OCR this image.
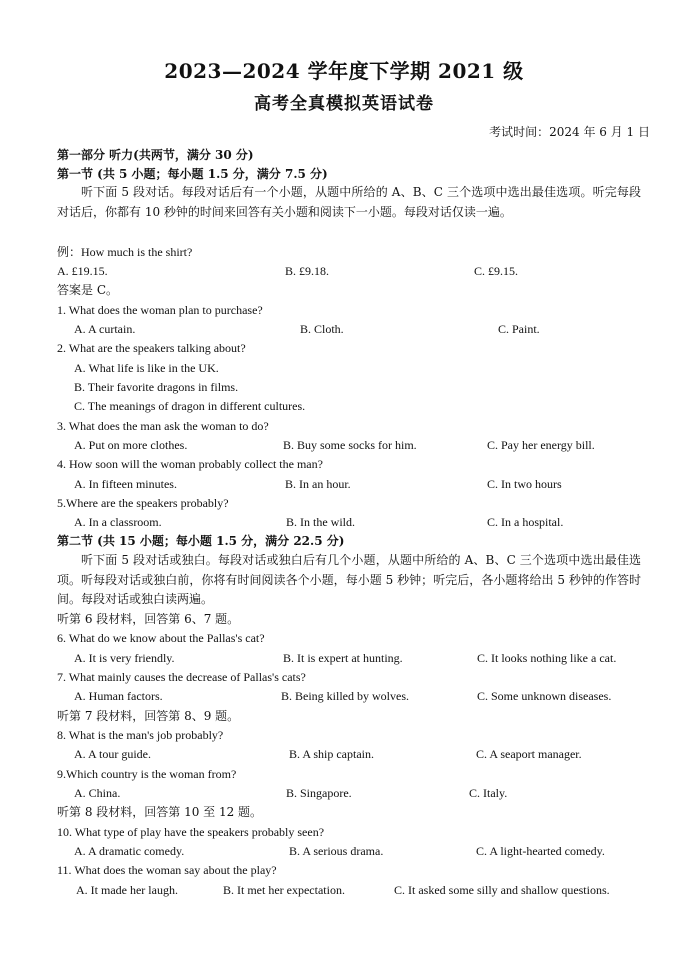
2023—2024 学年度下学期 2021 级
高考全真模拟英语试卷
考试时间：2024 年 6 月 1 日
第一部分 听力(共两节，满分 30 分)
第一节 (共 5 小题；每小题 1.5 分，满分 7.5 分)
听下面 5 段对话。每段对话后有一个小题，从题中所给的 A、B、C 三个选项中选出最佳选项。听完每段对话后，你都有 10 秒钟的时间来回答有关小题和阅读下一小题。每段对话仅读一遍。
例：How much is the shirt?
A. £19.15.	B. £9.18.	C. £9.15.
答案是 C。
1. What does the woman plan to purchase?
A. A curtain.	B. Cloth.	C. Paint.
2. What are the speakers talking about?
A. What life is like in the UK.
B. Their favorite dragons in films.
C. The meanings of dragon in different cultures.
3. What does the man ask the woman to do?
A. Put on more clothes.	B. Buy some socks for him.	C. Pay her energy bill.
4. How soon will the woman probably collect the man?
A. In fifteen minutes.	B. In an hour.	C. In two hours
5.Where are the speakers probably?
A. In a classroom.	B. In the wild.	C. In a hospital.
第二节 (共 15 小题；每小题 1.5 分，满分 22.5 分)
听下面 5 段对话或独白。每段对话或独白后有几个小题，从题中所给的 A、B、C 三个选项中选出最佳选项。听每段对话或独白前，你将有时间阅读各个小题，每小题 5 秒钟；听完后，各小题将给出 5 秒钟的作答时间。每段对话或独白读两遍。
听第 6 段材料，回答第 6、7 题。
6. What do we know about the Pallas's cat?
A. It is very friendly.	B. It is expert at hunting.	C. It looks nothing like a cat.
7. What mainly causes the decrease of Pallas's cats?
A. Human factors.	B. Being killed by wolves.	C. Some unknown diseases.
听第 7 段材料，回答第 8、9 题。
8. What is the man's job probably?
A. A tour guide.	B. A ship captain.	C. A seaport manager.
9.Which country is the woman from?
A. China.	B. Singapore.	C. Italy.
听第 8 段材料，回答第 10 至 12 题。
10. What type of play have the speakers probably seen?
A. A dramatic comedy.	B. A serious drama.	C. A light-hearted comedy.
11. What does the woman say about the play?
A. It made her laugh.	B. It met her expectation.	C. It asked some silly and shallow questions.
